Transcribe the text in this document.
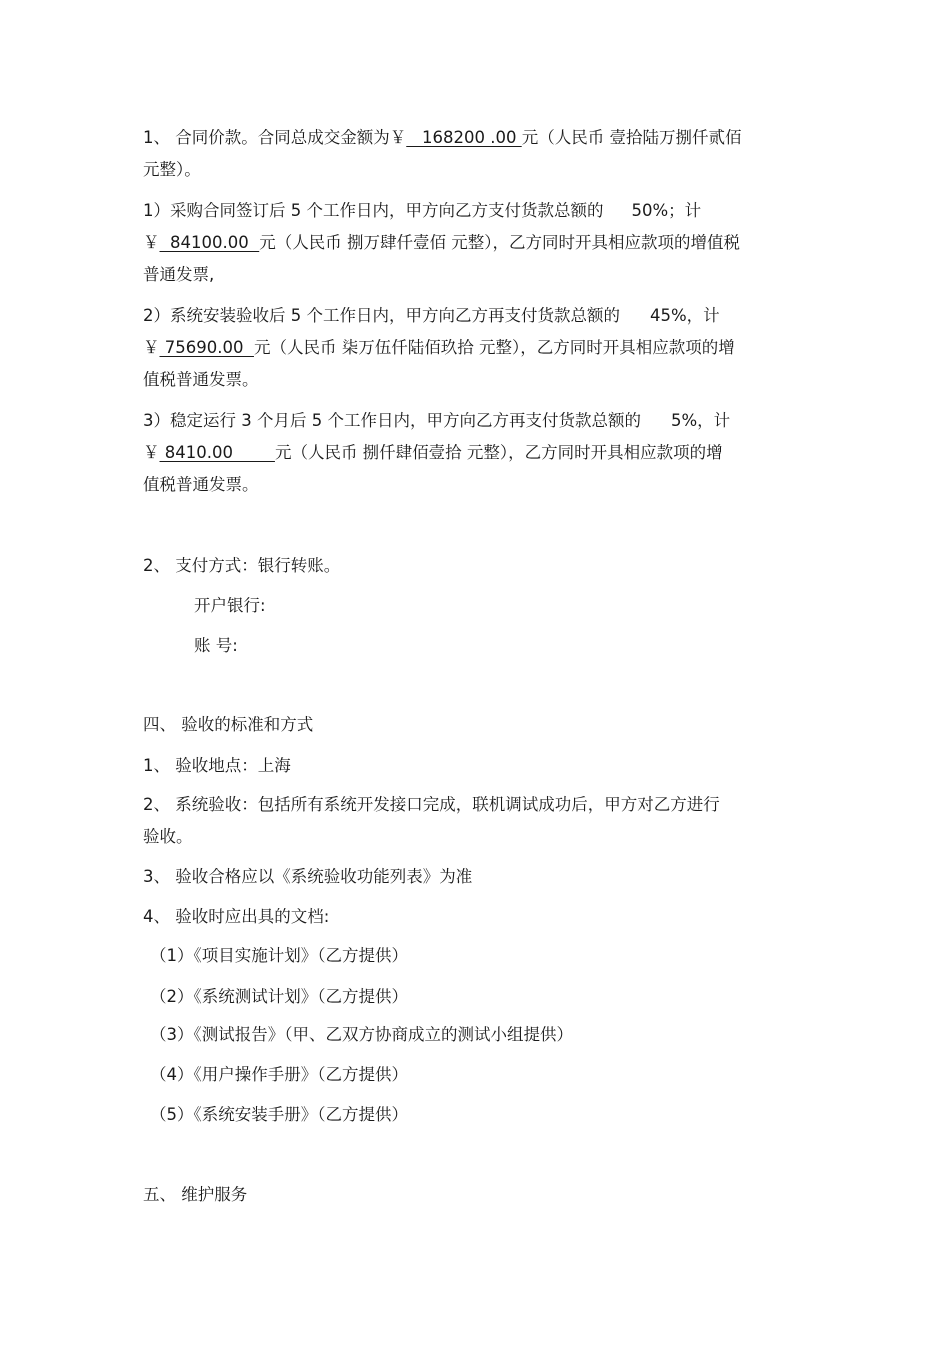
1、 合同价款。合同总成交金额为￥   168200 .00 元（人民币 壹拾陆万捌仟贰佰
元整）。
1）采购合同签订后 5 个工作日内，甲方向乙方支付货款总额的 50%；计
￥  84100.00  元（人民币 捌万肆仟壹佰 元整），乙方同时开具相应款项的增值税
普通发票,
2）系统安装验收后 5 个工作日内，甲方向乙方再支付货款总额的 45%，计
￥ 75690.00  元（人民币 柒万伍仟陆佰玖拾 元整），乙方同时开具相应款项的增
值税普通发票。
3）稳定运行 3 个月后 5 个工作日内，甲方向乙方再支付货款总额的 5%，计
￥ 8410.00        元（人民币 捌仟肆佰壹拾 元整），乙方同时开具相应款项的增
值税普通发票。
2、 支付方式：银行转账。
开户银行:
账 号:
四、 验收的标准和方式
1、 验收地点：上海
2、 系统验收：包括所有系统开发接口完成，联机调试成功后，甲方对乙方进行
验收。
3、 验收合格应以《系统验收功能列表》为准
4、 验收时应出具的文档:
（1）《项目实施计划》（乙方提供）
（2）《系统测试计划》（乙方提供）
（3）《测试报告》（甲、乙双方协商成立的测试小组提供）
（4）《用户操作手册》（乙方提供）
（5）《系统安装手册》（乙方提供）
五、 维护服务
